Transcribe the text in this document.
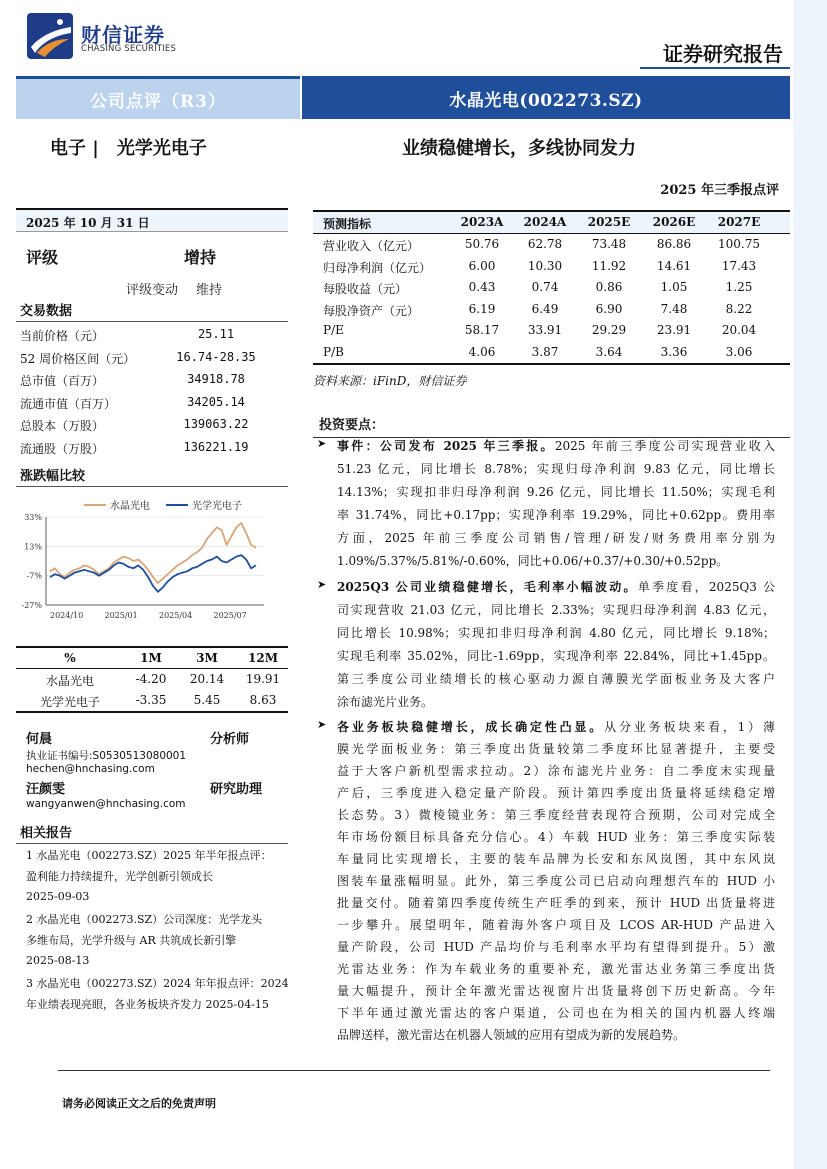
财信证券
CHASING SECURITIES	证券研究报告
公司点评（R3）	水晶光电(002273.SZ)
电子 |　光学光电子	业绩稳健增长，多线协同发力
2025 年三季报点评
2025 年 10 月 31 日
评级	增持
评级变动 维持
交易数据
当前价格（元）	25.11
52 周价格区间（元）	16.74-28.35
总市值（百万）	34918.78
流通市值（百万）	34205.14
总股本（万股）	139063.22
流通股（万股）	136221.19
涨跌幅比较
水晶光电	光学光电子
33%
13%
-7%
-27%
2024/10	2025/01	2025/04	2025/07
%	1M	3M	12M
水晶光电	-4.20	20.14	19.91
光学光电子	-3.35	5.45	8.63
何晨	分析师
执业证书编号:S0530513080001
hechen@hnchasing.com
汪颜雯	研究助理
wangyanwen@hnchasing.com
相关报告
1 水晶光电（002273.SZ）2025 年半年报点评：
盈利能力持续提升，光学创新引领成长
2025-09-03
2 水晶光电（002273.SZ）公司深度：光学龙头
多维布局，光学升级与 AR 共筑成长新引擎
2025-08-13
3 水晶光电（002273.SZ）2024 年年报点评：2024
年业绩表现亮眼，各业务板块齐发力 2025-04-15
预测指标	2023A	2024A	2025E	2026E	2027E
营业收入（亿元）	50.76	62.78	73.48	86.86	100.75
归母净利润（亿元）	6.00	10.30	11.92	14.61	17.43
每股收益（元）	0.43	0.74	0.86	1.05	1.25
每股净资产（元）	6.19	6.49	6.90	7.48	8.22
P/E	58.17	33.91	29.29	23.91	20.04
P/B	4.06	3.87	3.64	3.36	3.06
资料来源：iFinD，财信证券
投资要点：
➤ 事件：公司发布 2025 年三季报。2025 年前三季度公司实现营业收入
51.23 亿元，同比增长 8.78%；实现归母净利润 9.83 亿元，同比增长
14.13%；实现扣非归母净利润 9.26 亿元，同比增长 11.50%；实现毛利
率 31.74%，同比+0.17pp；实现净利率 19.29%，同比+0.62pp。费用率
方面，2025 年前三季度公司销售/管理/研发/财务费用率分别为
1.09%/5.37%/5.81%/-0.60%，同比+0.06/+0.37/+0.30/+0.52pp。
➤ 2025Q3 公司业绩稳健增长，毛利率小幅波动。单季度看，2025Q3 公
司实现营收 21.03 亿元，同比增长 2.33%；实现归母净利润 4.83 亿元，
同比增长 10.98%；实现扣非归母净利润 4.80 亿元，同比增长 9.18%；
实现毛利率 35.02%，同比-1.69pp，实现净利率 22.84%，同比+1.45pp。
第三季度公司业绩增长的核心驱动力源自薄膜光学面板业务及大客户
涂布滤光片业务。
➤ 各业务板块稳健增长，成长确定性凸显。从分业务板块来看，1）薄
膜光学面板业务：第三季度出货量较第二季度环比显著提升，主要受
益于大客户新机型需求拉动。2）涂布滤光片业务：自二季度末实现量
产后，三季度进入稳定量产阶段。预计第四季度出货量将延续稳定增
长态势。3）微棱镜业务：第三季度经营表现符合预期，公司对完成全
年市场份额目标具备充分信心。4）车载 HUD 业务：第三季度实际装
车量同比实现增长，主要的装车品牌为长安和东风岚图，其中东风岚
图装车量涨幅明显。此外，第三季度公司已启动向理想汽车的 HUD 小
批量交付。随着第四季度传统生产旺季的到来，预计 HUD 出货量将进
一步攀升。展望明年，随着海外客户项目及 LCOS AR-HUD 产品进入
量产阶段，公司 HUD 产品均价与毛利率水平均有望得到提升。5）激
光雷达业务：作为车载业务的重要补充，激光雷达业务第三季度出货
量大幅提升，预计全年激光雷达视窗片出货量将创下历史新高。今年
下半年通过激光雷达的客户渠道，公司也在为相关的国内机器人终端
品牌送样，激光雷达在机器人领域的应用有望成为新的发展趋势。
请务必阅读正文之后的免责声明
